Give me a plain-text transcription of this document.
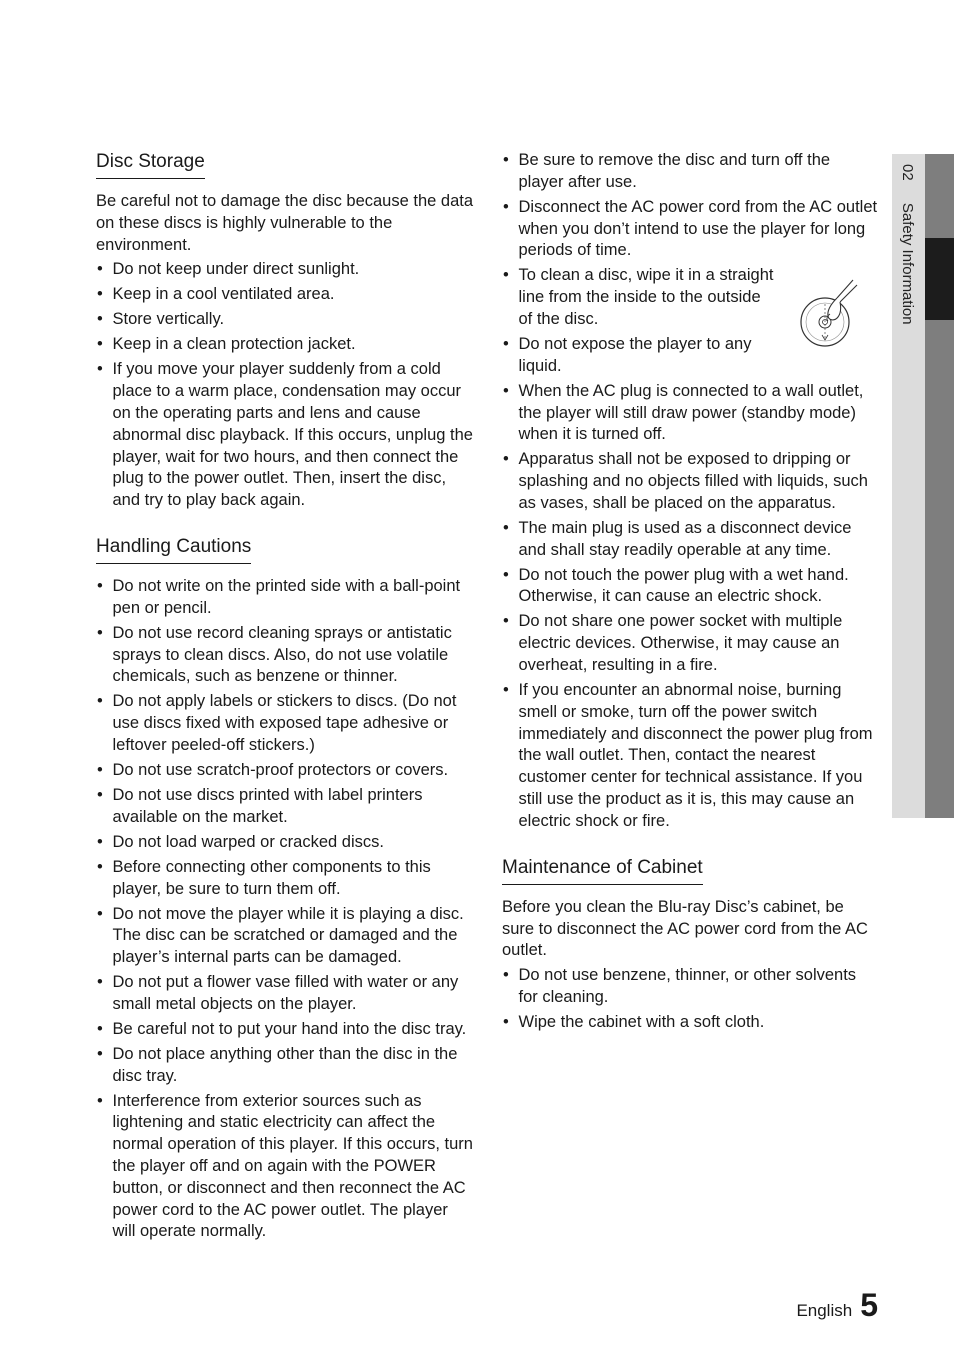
Disc Storage

Be careful not to damage the disc because the data on these discs is highly vulnerable to the environment.

• Do not keep under direct sunlight.
• Keep in a cool ventilated area.
• Store vertically.
• Keep in a clean protection jacket.
• If you move your player suddenly from a cold place to a warm place, condensation may occur on the operating parts and lens and cause abnormal disc playback. If this occurs, unplug the player, wait for two hours, and then connect the plug to the power outlet. Then, insert the disc, and try to play back again.
Handling Cautions
• Do not write on the printed side with a ball-point pen or pencil.
• Do not use record cleaning sprays or antistatic sprays to clean discs. Also, do not use volatile chemicals, such as benzene or thinner.
• Do not apply labels or stickers to discs. (Do not use discs fixed with exposed tape adhesive or leftover peeled-off stickers.)
• Do not use scratch-proof protectors or covers.
• Do not use discs printed with label printers available on the market.
• Do not load warped or cracked discs.
• Before connecting other components to this player, be sure to turn them off.
• Do not move the player while it is playing a disc. The disc can be scratched or damaged and the player’s internal parts can be damaged.
• Do not put a flower vase filled with water or any small metal objects on the player.
• Be careful not to put your hand into the disc tray.
• Do not place anything other than the disc in the disc tray.
• Interference from exterior sources such as lightening and static electricity can affect the normal operation of this player. If this occurs, turn the player off and on again with the POWER button, or disconnect and then reconnect the AC power cord to the AC power outlet. The player will operate normally.
• Be sure to remove the disc and turn off the player after use.
• Disconnect the AC power cord from the AC outlet when you don’t intend to use the player for long periods of time.
• To clean a disc, wipe it in a straight line from the inside to the outside of the disc.
• Do not expose the player to any liquid.
• When the AC plug is connected to a wall outlet, the player will still draw power (standby mode) when it is turned off.
• Apparatus shall not be exposed to dripping or splashing and no objects filled with liquids, such as vases, shall be placed on the apparatus.
• The main plug is used as a disconnect device and shall stay readily operable at any time.
• Do not touch the power plug with a wet hand. Otherwise, it can cause an electric shock.
• Do not share one power socket with multiple electric devices. Otherwise, it may cause an overheat, resulting in a fire.
• If you encounter an abnormal noise, burning smell or smoke, turn off the power switch immediately and disconnect the power plug from the wall outlet. Then, contact the nearest customer center for technical assistance. If you still use the product as it is, this may cause an electric shock or fire.
Maintenance of Cabinet

Before you clean the Blu-ray Disc’s cabinet, be sure to disconnect the AC power cord from the AC outlet.

• Do not use benzene, thinner, or other solvents for cleaning.
• Wipe the cabinet with a soft cloth.
02 Safety Information
English 5
